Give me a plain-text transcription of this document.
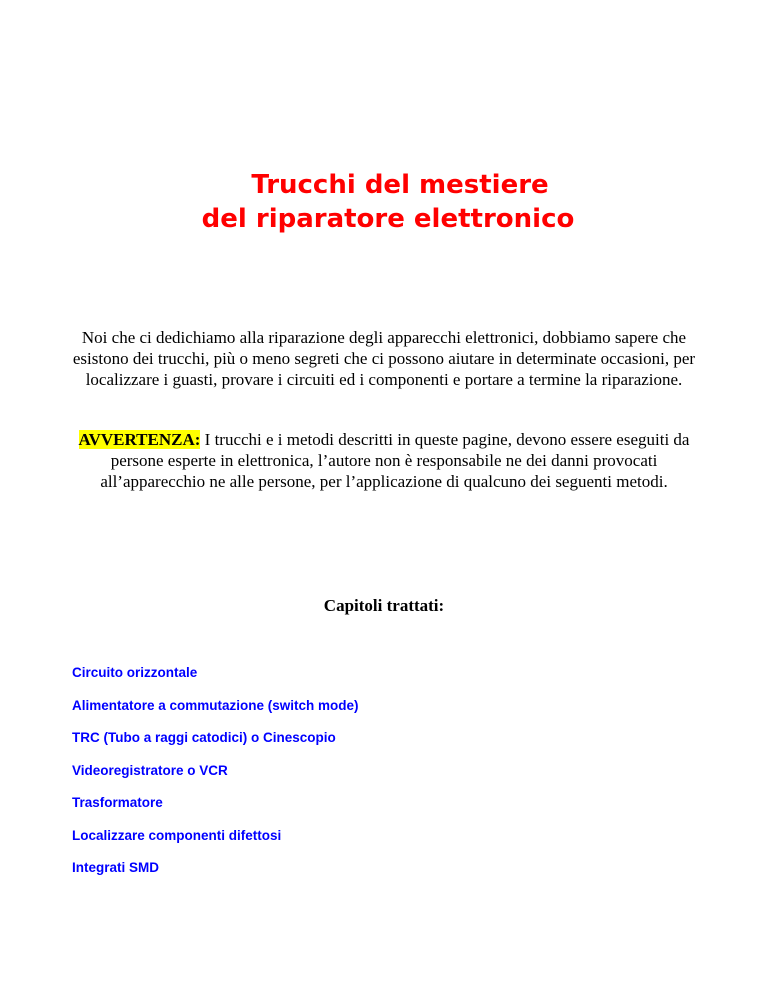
Trucchi del mestiere
del riparatore elettronico

Noi che ci dedichiamo alla riparazione degli apparecchi elettronici, dobbiamo sapere che esistono dei trucchi, più o meno segreti che ci possono aiutare in determinate occasioni, per localizzare i guasti, provare i circuiti ed i componenti e portare a termine la riparazione.

AVVERTENZA: I trucchi e i metodi descritti in queste pagine, devono essere eseguiti da persone esperte in elettronica, l’autore non è responsabile ne dei danni provocati all’apparecchio ne alle persone, per l’applicazione di qualcuno dei seguenti metodi.

Capitoli trattati:
Circuito orizzontale
Alimentatore a commutazione (switch mode)
TRC (Tubo a raggi catodici) o Cinescopio
Videoregistratore o VCR
Trasformatore
Localizzare componenti difettosi
Integrati SMD
